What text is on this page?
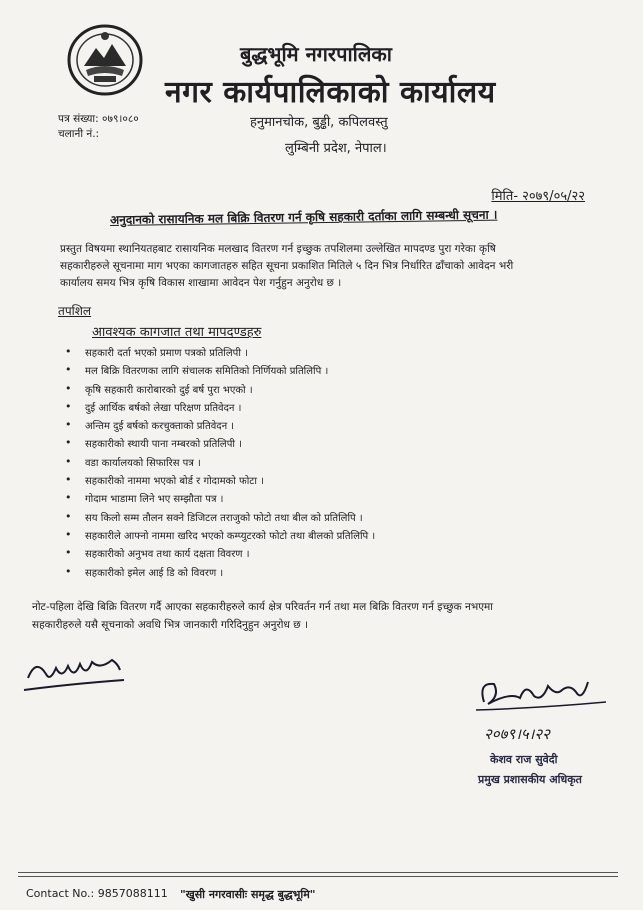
बुद्धभूमि नगरपालिका
नगर कार्यपालिकाको कार्यालय
हनुमानचोक, बुड्ढी, कपिलवस्तु
लुम्बिनी प्रदेश, नेपाल।
पत्र संख्या: ०७९।०८०
चलानी नं.:
मिति- २०७९/०५/२२
अनुदानको रासायनिक मल बिक्रि वितरण गर्न कृषि सहकारी दर्ताका लागि सम्बन्धी सूचना ।
प्रस्तुत विषयमा स्थानियतहबाट रासायनिक मलखाद वितरण गर्न इच्छुक तपशिलमा उल्लेखित मापदण्ड पुरा गरेका कृषि
सहकारीहरुले सूचनामा माग भएका कागजातहरु सहित सूचना प्रकाशित मितिले ५ दिन भित्र निर्धारित ढाँचाको आवेदन भरी
कार्यालय समय भित्र कृषि विकास शाखामा आवेदन पेश गर्नुहुन अनुरोध छ ।
तपशिल
आवश्यक कागजात तथा मापदण्डहरु
• सहकारी दर्ता भएको प्रमाण पत्रको प्रतिलिपी ।
• मल बिक्रि वितरणका लागि संचालक समितिको निर्णियको प्रतिलिपि ।
• कृषि सहकारी कारोबारको दुई बर्ष पुरा भएको ।
• दुई आर्थिक बर्षको लेखा परिक्षण प्रतिवेदन ।
• अन्तिम दुई बर्षको करचुक्ताको प्रतिवेदन ।
• सहकारीको स्थायी पाना नम्बरको प्रतिलिपी ।
• वडा कार्यालयको सिफारिस पत्र ।
• सहकारीको नाममा भएको बोर्ड र गोदामको फोटा ।
• गोदाम भाडामा लिने भए सम्झौता पत्र ।
• सय किलो सम्म तौलन सक्ने डिजिटल तराजुको फोटो तथा बील को प्रतिलिपि ।
• सहकारीले आफ्नो नाममा खरिद भएको कम्प्युटरको फोटो तथा बीलको प्रतिलिपि ।
• सहकारीको अनुभव तथा कार्य दक्षता विवरण ।
• सहकारीको इमेल आई डि को विवरण ।
नोट-पहिला देखि बिक्रि वितरण गर्दै आएका सहकारीहरुले कार्य क्षेत्र परिवर्तन गर्न तथा मल बिक्रि वितरण गर्न इच्छुक नभएमा
सहकारीहरुले यसै सूचनाको अवधि भित्र जानकारी गरिदिनुहुन अनुरोध छ ।
२०७९।५।२२
केशव राज सुवेदी
प्रमुख प्रशासकीय अधिकृत
Contact No.: 9857088111 "खुसी नगरवासीः समृद्ध बुद्धभूमि"
